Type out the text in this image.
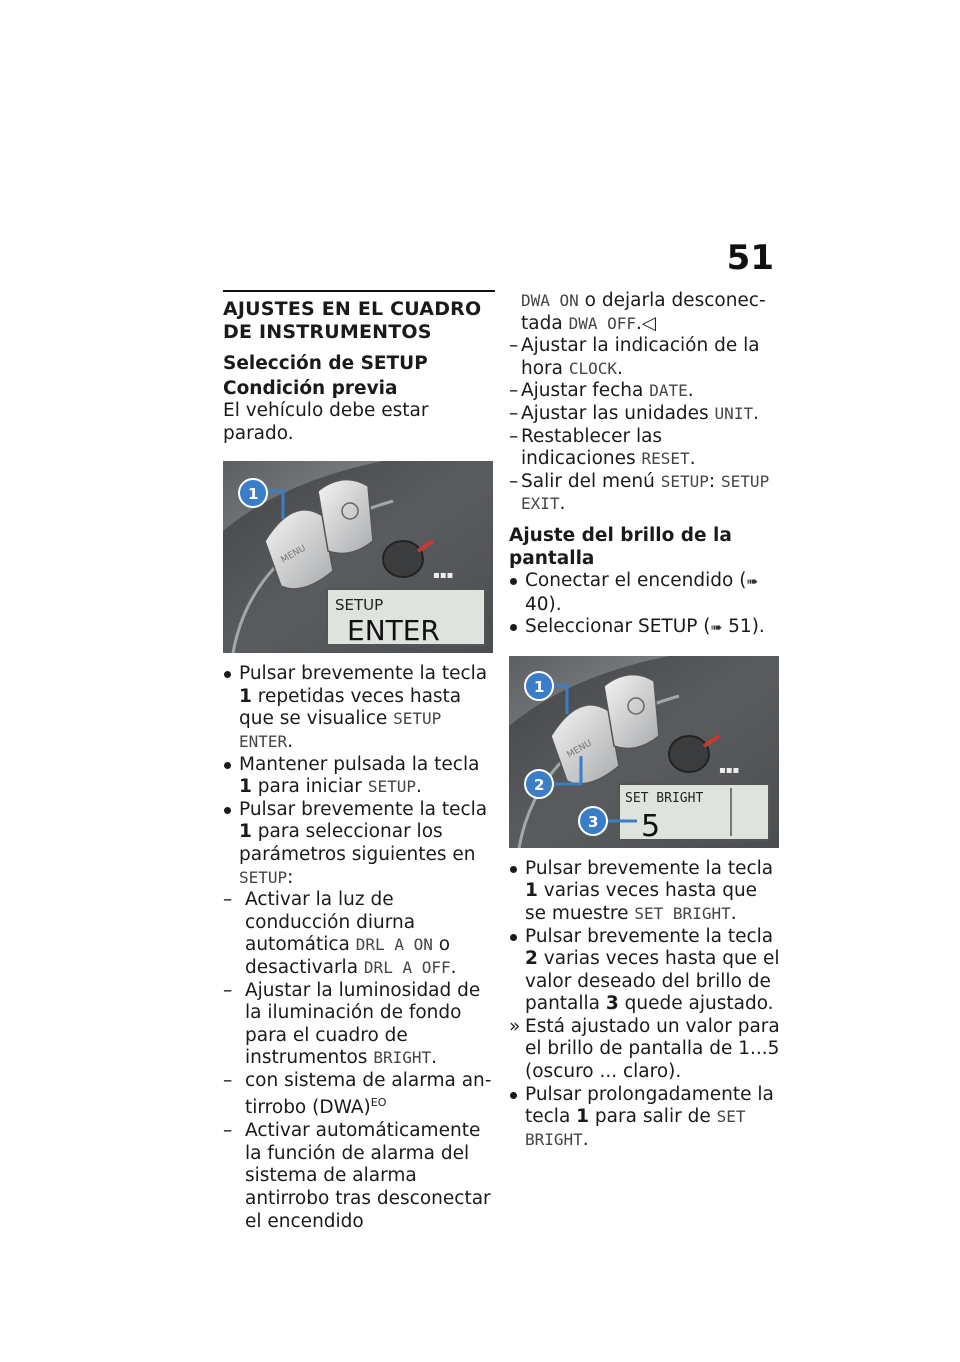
51
AJUSTES EN EL CUADRO DE INSTRUMENTOS
Selección de SETUP
Condición previa

El vehículo debe estar parado.

MENU
▪▪▪
SETUP
ENTER
1
Pulsar brevemente la tecla 1 repetidas veces hasta que se visualice SETUP ENTER.
Mantener pulsada la tecla 1 para iniciar SETUP.
Pulsar brevemente la tecla 1 para seleccionar los parámetros siguientes en SETUP:
– Activar la luz de conducción diurna automática DRL A ON o desactivarla DRL A OFF.
– Ajustar la luminosidad de la iluminación de fondo para el cuadro de instrumentos BRIGHT.
– con sistema de alarma antirrobo (DWA)$^{EO}$
– Activar automáticamente la función de alarma del sistema de alarma antirrobo tras desconectar el encendido
DWA ON o dejarla desconectada DWA OFF.◁
– Ajustar la indicación de la hora CLOCK.
– Ajustar fecha DATE.
– Ajustar las unidades UNIT.
– Restablecer las indicaciones RESET.
– Salir del menú SETUP: SETUP EXIT.
Ajuste del brillo de la pantalla
Conectar el encendido (➠ 40).
Seleccionar SETUP (➠ 51).
MENU
▪▪▪
SET BRIGHT
5
1
2
3
Pulsar brevemente la tecla 1 varias veces hasta que se muestre SET BRIGHT.
Pulsar brevemente la tecla 2 varias veces hasta que el valor deseado del brillo de pantalla 3 quede ajustado.
» Está ajustado un valor para el brillo de pantalla de 1...5 (oscuro ... claro).
Pulsar prolongadamente la tecla 1 para salir de SET BRIGHT.
